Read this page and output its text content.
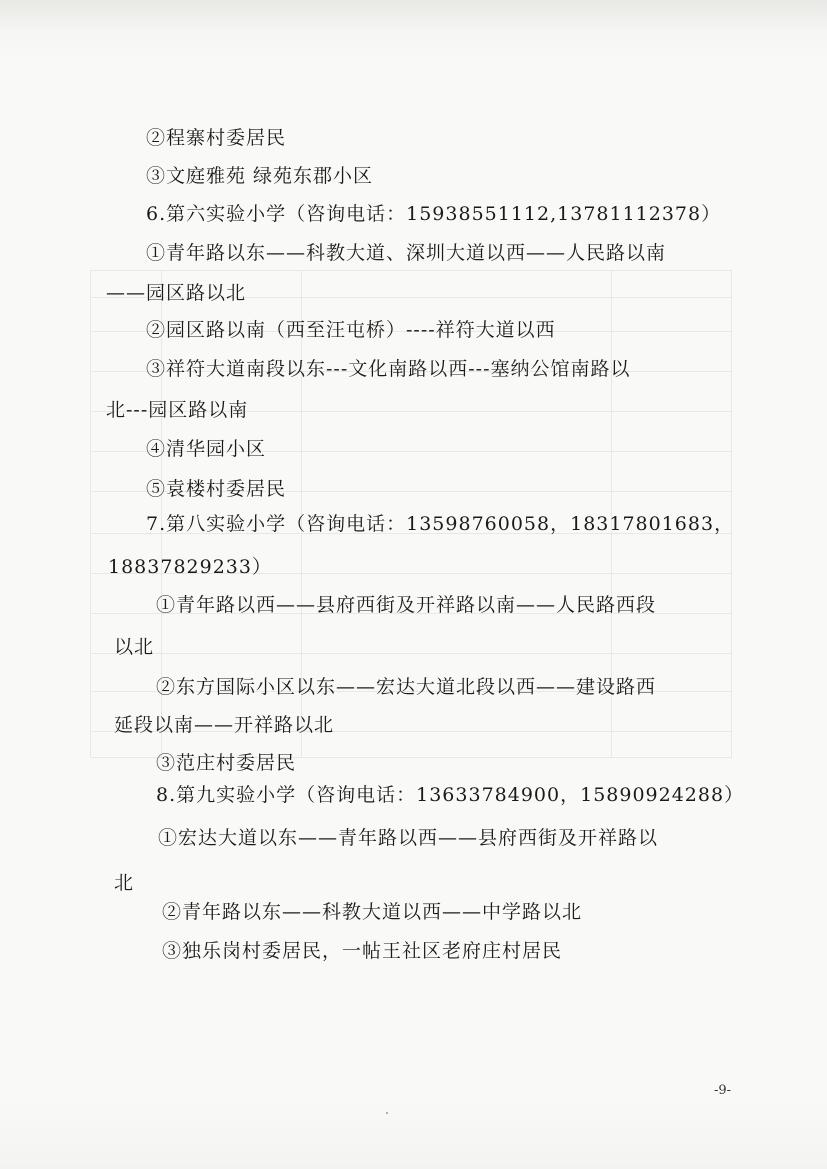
②程寨村委居民
③文庭雅苑 绿苑东郡小区
6.第六实验小学（咨询电话：15938551112,13781112378）
①青年路以东——科教大道、深圳大道以西——人民路以南
——园区路以北
②园区路以南（西至汪屯桥）----祥符大道以西
③祥符大道南段以东---文化南路以西---塞纳公馆南路以
北---园区路以南
④清华园小区
⑤袁楼村委居民
7.第八实验小学（咨询电话：13598760058，18317801683，
18837829233）
①青年路以西——县府西街及开祥路以南——人民路西段
以北
②东方国际小区以东——宏达大道北段以西——建设路西
延段以南——开祥路以北
③范庄村委居民
8.第九实验小学（咨询电话：13633784900，15890924288）
①宏达大道以东——青年路以西——县府西街及开祥路以
北
②青年路以东——科教大道以西——中学路以北
③独乐岗村委居民，一帖王社区老府庄村居民
-9-
